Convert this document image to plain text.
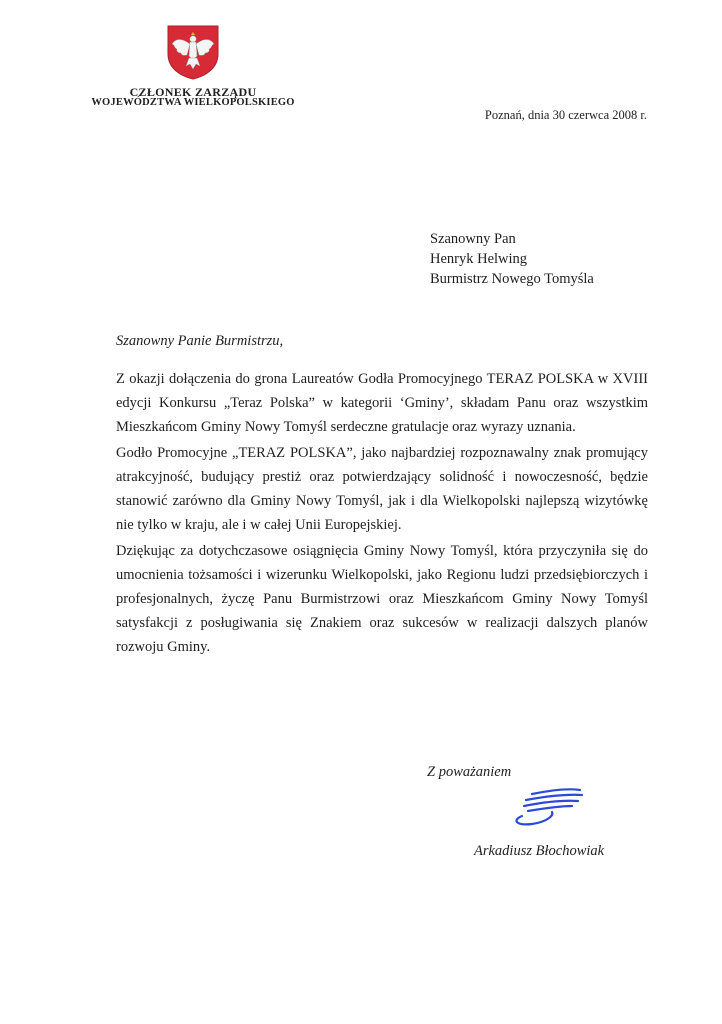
CZŁONEK ZARZĄDU

WOJEWÓDZTWA WIELKOPOLSKIEGO

Poznań, dnia 30 czerwca 2008 r.

Szanowny Pan
Henryk Helwing
Burmistrz Nowego Tomyśla

Szanowny Panie Burmistrzu,

Z okazji dołączenia do grona Laureatów Godła Promocyjnego TERAZ POLSKA w XVIII edycji Konkursu „Teraz Polska” w kategorii ‘Gminy’, składam Panu oraz wszystkim Mieszkańcom Gminy Nowy Tomyśl serdeczne gratulacje oraz wyrazy uznania.

Godło Promocyjne „TERAZ POLSKA”, jako najbardziej rozpoznawalny znak promujący atrakcyjność, budujący prestiż oraz potwierdzający solidność i nowoczesność, będzie stanowić zarówno dla Gminy Nowy Tomyśl, jak i dla Wielkopolski najlepszą wizytówkę nie tylko w kraju, ale i w całej Unii Europejskiej.

Dziękując za dotychczasowe osiągnięcia Gminy Nowy Tomyśl, która przyczyniła się do umocnienia tożsamości i wizerunku Wielkopolski, jako Regionu ludzi przedsiębiorczych i profesjonalnych, życzę Panu Burmistrzowi oraz Mieszkańcom Gminy Nowy Tomyśl satysfakcji z posługiwania się Znakiem oraz sukcesów w realizacji dalszych planów rozwoju Gminy.

Z poważaniem

Arkadiusz Błochowiak
